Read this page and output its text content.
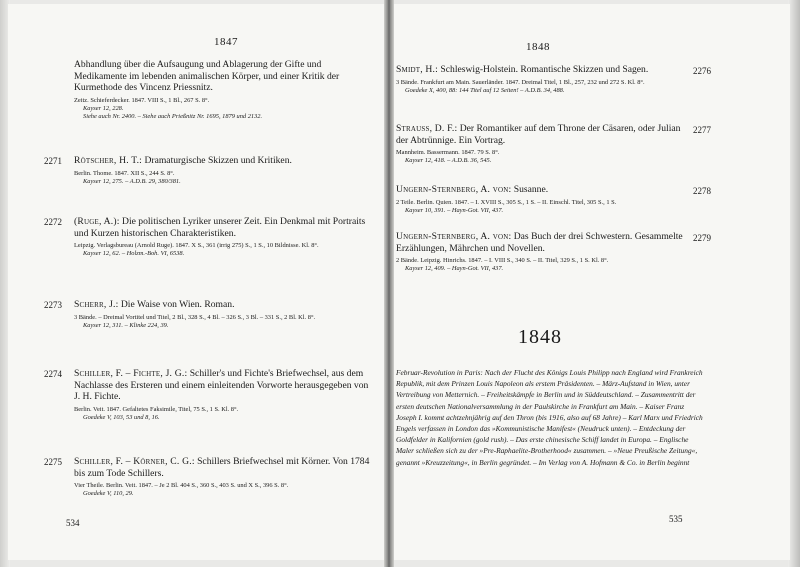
1847
Abhandlung über die Aufsaugung und Ablagerung der Gifte und Medikamente im lebenden animalischen Körper, und einer Kritik der Kurmethode des Vincenz Priessnitz.
Zeitz. Schieferdecker. 1847. VIII S., 1 Bl., 267 S. 8°.
Kayser 12, 228.
Siehe auch Nr. 2400. – Siehe auch Prießnitz Nr. 1695, 1879 und 2132.
2271 Rötscher, H. T.: Dramaturgische Skizzen und Kritiken.
Berlin. Thome. 1847. XII S., 244 S. 8°.
Kayser 12, 275. – A.D.B. 29, 380/381.
2272 (Ruge, A.): Die politischen Lyriker unserer Zeit. Ein Denkmal mit Portraits und Kurzen historischen Charakteristiken.
Leipzig. Verlagsbureau (Arnold Ruge). 1847. X S., 361 (irrig 275) S., 1 S., 10 Bildnisse. Kl. 8°.
Kayser 12, 62. – Holzm.-Boh. VI, 6538.
2273 Scherr, J.: Die Waise von Wien. Roman.
3 Bände. – Dreimal Vortitel und Titel, 2 Bl., 328 S., 4 Bl. – 326 S., 3 Bl. – 331 S., 2 Bl. Kl. 8°.
Kayser 12, 311. – Klinke 224, 39.
2274 Schiller, F. – Fichte, J. G.: Schiller's und Fichte's Briefwechsel, aus dem Nachlasse des Ersteren und einem einleitenden Vorworte herausgegeben von J. H. Fichte.
Berlin. Veit. 1847. Gefaltetes Faksimile, Titel, 75 S., 1 S. Kl. 8°.
Goedeke V, 103, 53 und 8, 16.
2275 Schiller, F. – Körner, C. G.: Schillers Briefwechsel mit Körner. Von 1784 bis zum Tode Schillers.
Vier Theile. Berlin. Veit. 1847. – Je 2 Bl. 404 S., 360 S., 403 S. und X S., 396 S. 8°.
Goedeke V, 110, 29.
534
1848
2276
Smidt, H.: Schleswig-Holstein. Romantische Skizzen und Sagen.
3 Bände. Frankfurt am Main. Sauerländer. 1847. Dreimal Titel, 1 Bl., 257, 232 und 272 S. Kl. 8°.
Goedeke X, 400, 88: 144 Titel auf 12 Seiten! – A.D.B. 34, 488.
2277
Strauss, D. F.: Der Romantiker auf dem Throne der Cäsaren, oder Julian der Abtrünnige. Ein Vortrag.
Mannheim. Bassermann. 1847. 79 S. 8°.
Kayser 12, 418. – A.D.B. 36, 545.
2278
Ungern-Sternberg, A. von: Susanne.
2 Teile. Berlin. Quien. 1847. – I. XVIII S., 305 S., 1 S. – II. Einschl. Titel, 305 S., 1 S.
Kayser 10, 391. – Hayn-Got. VII, 437.
2279
Ungern-Sternberg, A. von: Das Buch der drei Schwestern. Gesammelte Erzählungen, Mährchen und Novellen.
2 Bände. Leipzig. Hinrichs. 1847. – I. VIII S., 340 S. – II. Titel, 329 S., 1 S. Kl. 8°.
Kayser 12, 409. – Hayn-Got. VII, 437.
1848
Februar-Revolution in Paris: Nach der Flucht des Königs Louis Philipp nach England wird Frankreich Republik, mit dem Prinzen Louis Napoleon als erstem Präsidenten. – März-Aufstand in Wien, unter Vertreibung von Metternich. – Freiheitskämpfe in Berlin und in Süddeutschland. – Zusammentritt der ersten deutschen Nationalversammlung in der Paulskirche in Frankfurt am Main. – Kaiser Franz Joseph I. kommt achtzehnjährig auf den Thron (bis 1916, also auf 68 Jahre) – Karl Marx und Friedrich Engels verfassen in London das »Kommunistische Manifest« (Neudruck unten). – Entdeckung der Goldfelder in Kalifornien (gold rush). – Das erste chinesische Schiff landet in Europa. – Englische Maler schließen sich zu der »Pre-Raphaelite-Brotherhood« zusammen. – »Neue Preußische Zeitung«, genannt »Kreuzzeitung«, in Berlin gegründet. – Im Verlag von A. Hofmann & Co. in Berlin beginnt
535
